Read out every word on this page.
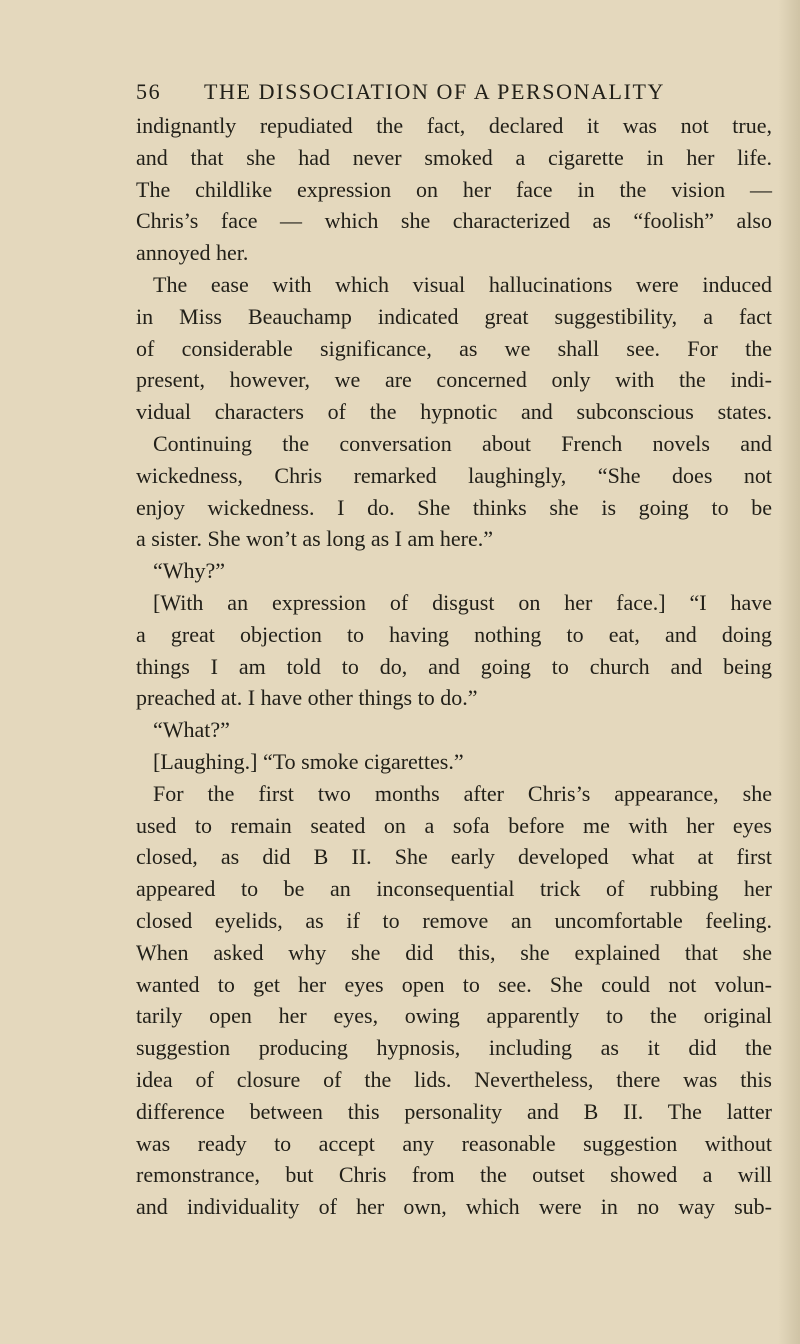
56 THE DISSOCIATION OF A PERSONALITY
indignantly repudiated the fact, declared it was not true,
and that she had never smoked a cigarette in her life.
The childlike expression on her face in the vision —
Chris’s face — which she characterized as “foolish” also
annoyed her.
The ease with which visual hallucinations were induced
in Miss Beauchamp indicated great suggestibility, a fact
of considerable significance, as we shall see. For the
present, however, we are concerned only with the indi-
vidual characters of the hypnotic and subconscious states.
Continuing the conversation about French novels and
wickedness, Chris remarked laughingly, “She does not
enjoy wickedness. I do. She thinks she is going to be
a sister. She won’t as long as I am here.”
“Why?”
[With an expression of disgust on her face.] “I have
a great objection to having nothing to eat, and doing
things I am told to do, and going to church and being
preached at. I have other things to do.”
“What?”
[Laughing.] “To smoke cigarettes.”
For the first two months after Chris’s appearance, she
used to remain seated on a sofa before me with her eyes
closed, as did B II. She early developed what at first
appeared to be an inconsequential trick of rubbing her
closed eyelids, as if to remove an uncomfortable feeling.
When asked why she did this, she explained that she
wanted to get her eyes open to see. She could not volun-
tarily open her eyes, owing apparently to the original
suggestion producing hypnosis, including as it did the
idea of closure of the lids. Nevertheless, there was this
difference between this personality and B II. The latter
was ready to accept any reasonable suggestion without
remonstrance, but Chris from the outset showed a will
and individuality of her own, which were in no way sub-
